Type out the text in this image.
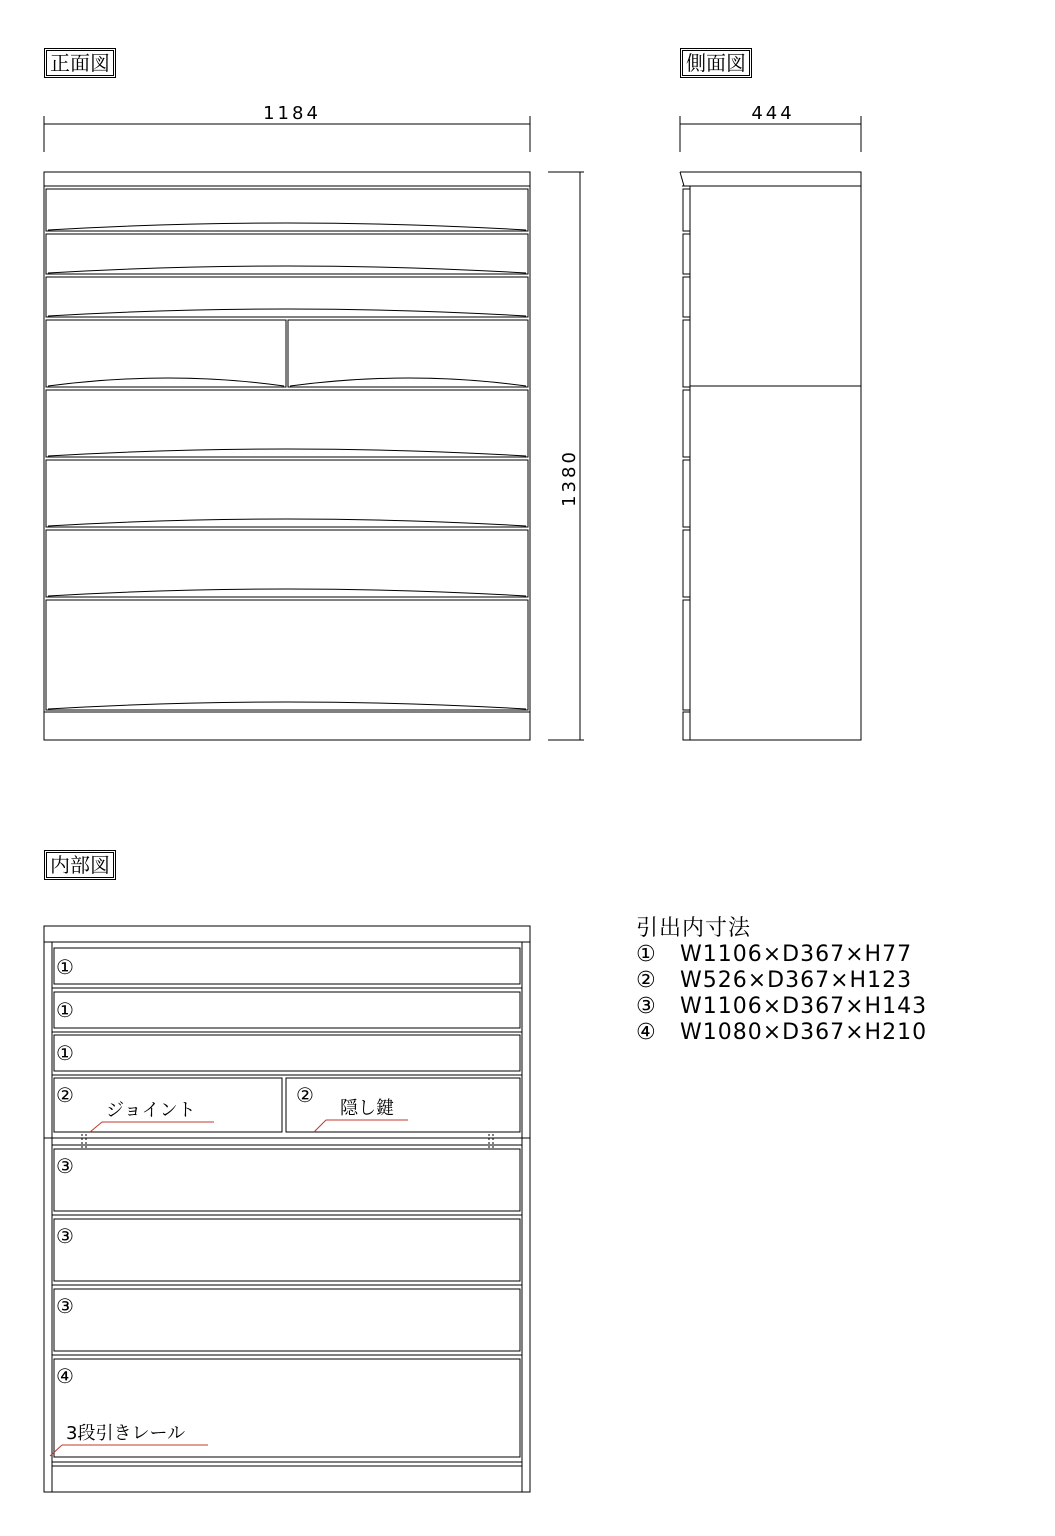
正面図	側面図
内部図
1184
1380
444
①
①
①
②	②
③
③
③
④
ジョイント	隠し鍵
3段引きレール
引出内寸法
①	W1106×D367×H77
②	W526×D367×H123
③	W1106×D367×H143
④	W1080×D367×H210
